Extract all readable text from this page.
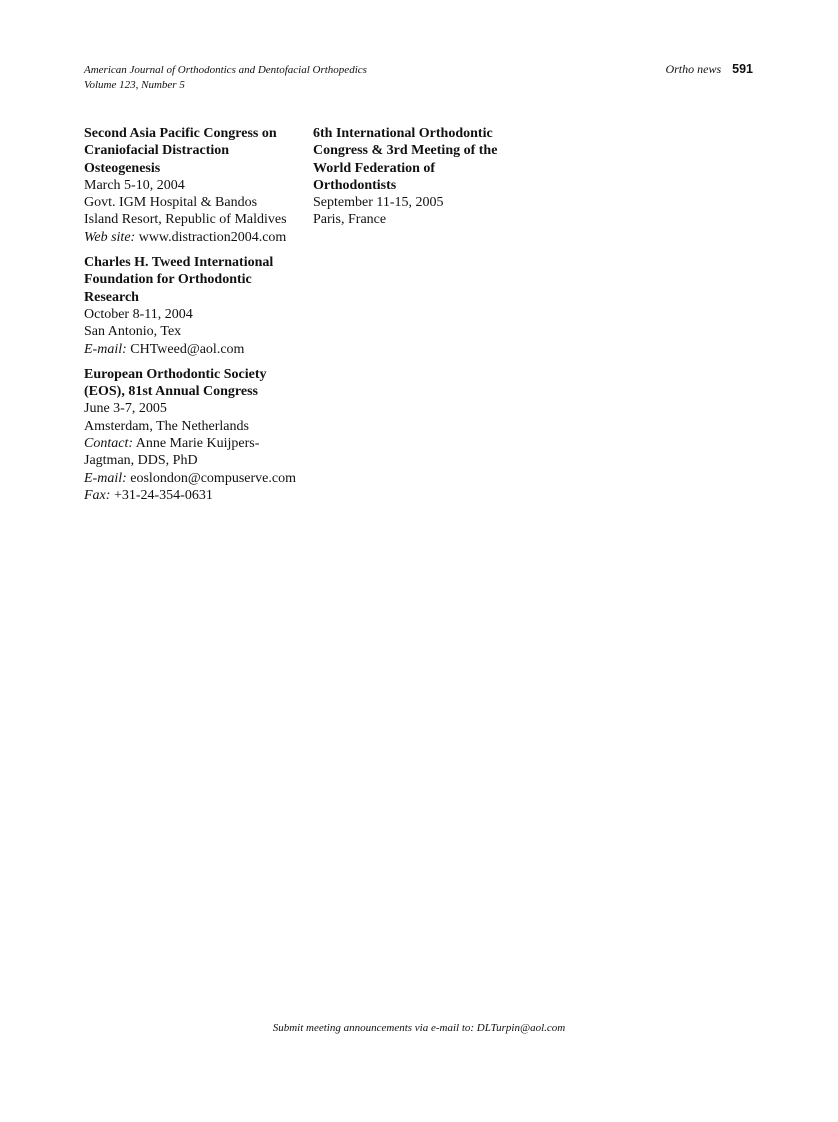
American Journal of Orthodontics and Dentofacial Orthopedics
Volume 123, Number 5
Ortho news 591
Second Asia Pacific Congress on
Craniofacial Distraction
Osteogenesis
March 5-10, 2004
Govt. IGM Hospital & Bandos
Island Resort, Republic of Maldives
Web site: www.distraction2004.com
Charles H. Tweed International
Foundation for Orthodontic
Research
October 8-11, 2004
San Antonio, Tex
E-mail: CHTweed@aol.com
European Orthodontic Society
(EOS), 81st Annual Congress
June 3-7, 2005
Amsterdam, The Netherlands
Contact: Anne Marie Kuijpers-
Jagtman, DDS, PhD
E-mail: eoslondon@compuserve.com
Fax: +31-24-354-0631
6th International Orthodontic
Congress & 3rd Meeting of the
World Federation of
Orthodontists
September 11-15, 2005
Paris, France
Submit meeting announcements via e-mail to: DLTurpin@aol.com
